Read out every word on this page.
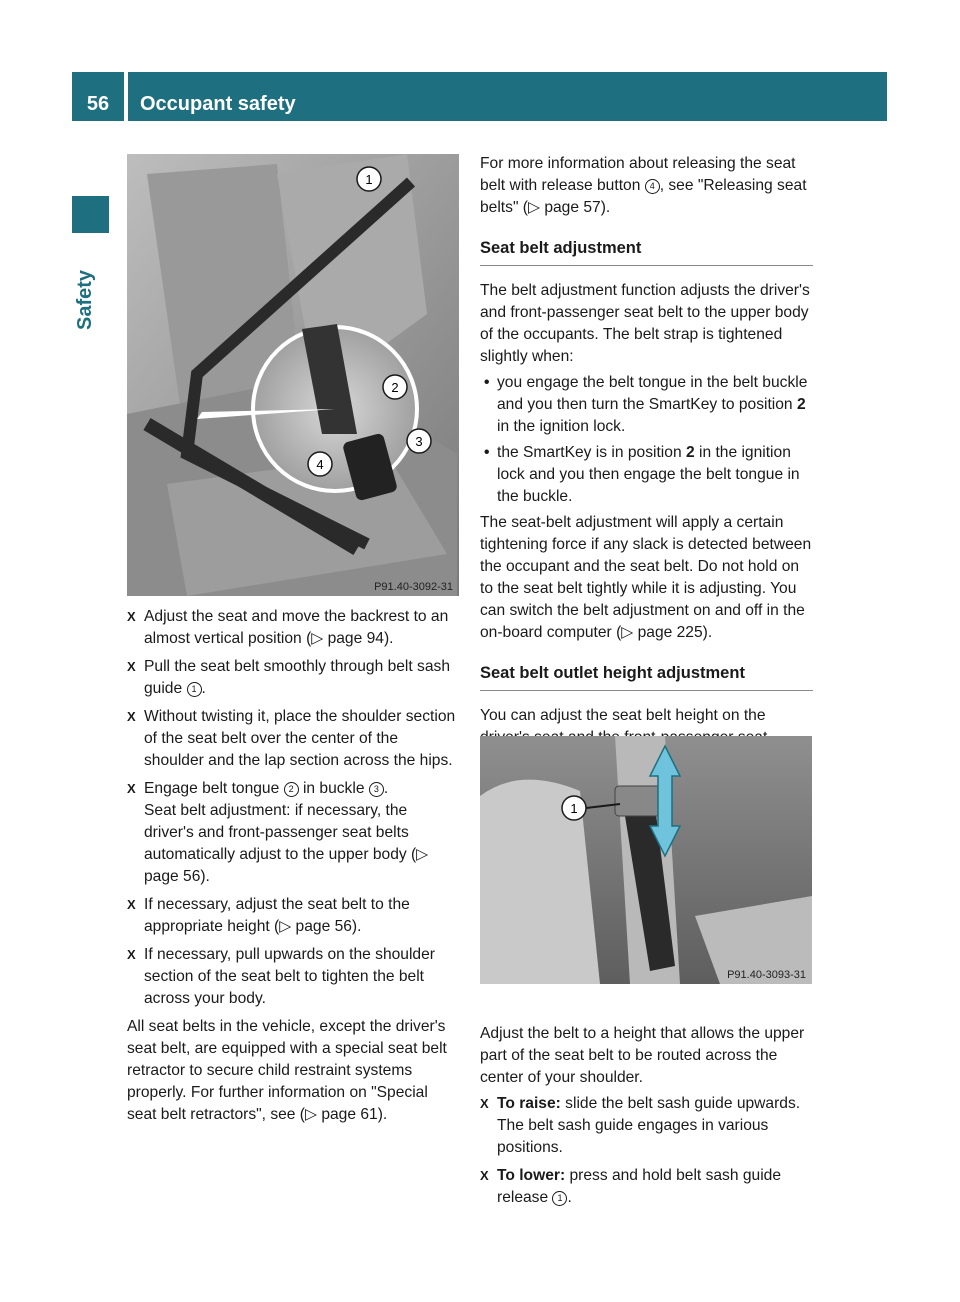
56	Occupant safety
Safety
1
2
3
4
P91.40-3092-31
X Adjust the seat and move the backrest to an almost vertical position (▷ page 94).
X Pull the seat belt smoothly through belt sash guide 1 .
X Without twisting it, place the shoulder section of the seat belt over the center of the shoulder and the lap section across the hips.
X Engage belt tongue 2 in buckle 3 .
Seat belt adjustment: if necessary, the driver's and front-passenger seat belts automatically adjust to the upper body (▷ page 56).
X If necessary, adjust the seat belt to the appropriate height (▷ page 56).
X If necessary, pull upwards on the shoulder section of the seat belt to tighten the belt across your body.

All seat belts in the vehicle, except the driver's seat belt, are equipped with a special seat belt retractor to secure child restraint systems properly. For further information on "Special seat belt retractors", see (▷ page 61).

For more information about releasing the seat belt with release button 4 , see "Releasing seat belts" (▷ page 57).

Seat belt adjustment

The belt adjustment function adjusts the driver's and front-passenger seat belt to the upper body of the occupants. The belt strap is tightened slightly when:

• you engage the belt tongue in the belt buckle and you then turn the SmartKey to position 2 in the ignition lock.
• the SmartKey is in position 2 in the ignition lock and you then engage the belt tongue in the buckle.

The seat-belt adjustment will apply a certain tightening force if any slack is detected between the occupant and the seat belt. Do not hold on to the seat belt tightly while it is adjusting. You can switch the belt adjustment on and off in the on-board computer (▷ page 225).

Seat belt outlet height adjustment

You can adjust the seat belt height on the

Adjust the belt to a height that allows the upper part of the seat belt to be routed across the center of your shoulder.

X To raise: slide the belt sash guide upwards. The belt sash guide engages in various positions.
X To lower: press and hold belt sash guide release 1 .
1
P91.40-3093-31
